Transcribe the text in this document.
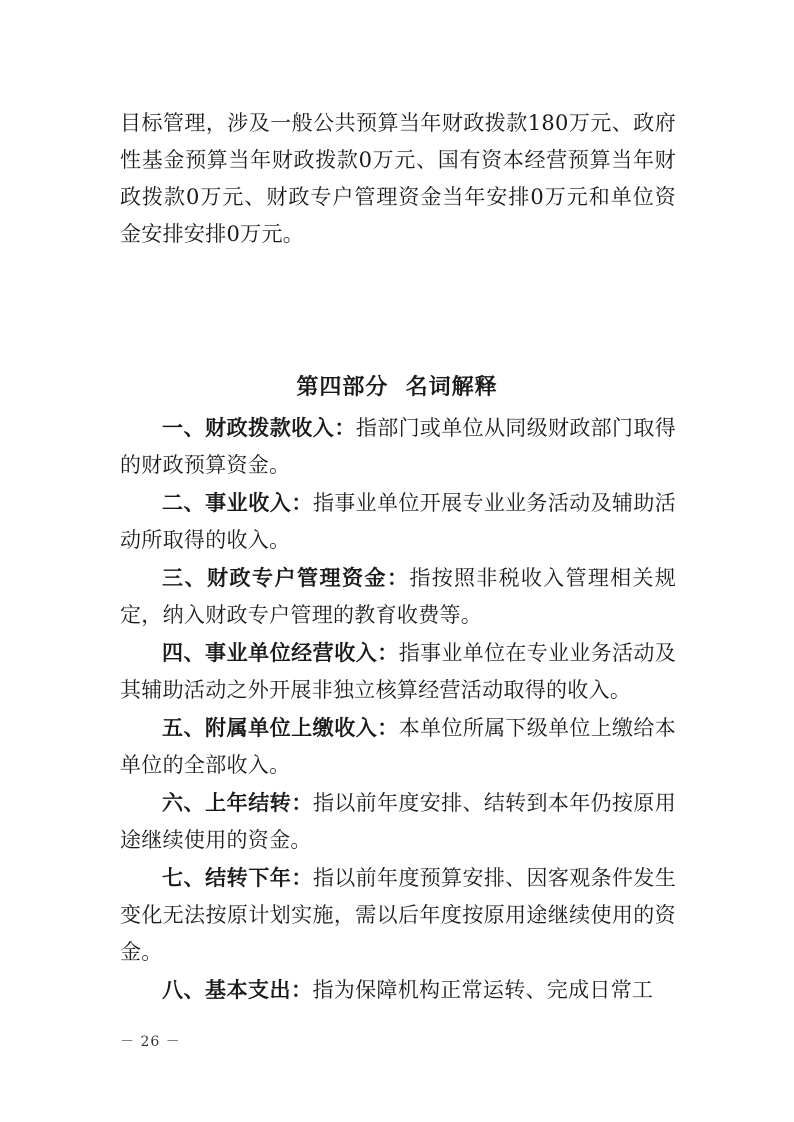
目标管理，涉及一般公共预算当年财政拨款180万元、政府性基金预算当年财政拨款0万元、国有资本经营预算当年财政拨款0万元、财政专户管理资金当年安排0万元和单位资金安排安排0万元。

第四部分  名词解释

一、财政拨款收入：指部门或单位从同级财政部门取得的财政预算资金。

二、事业收入：指事业单位开展专业业务活动及辅助活动所取得的收入。

三、财政专户管理资金：指按照非税收入管理相关规定，纳入财政专户管理的教育收费等。

四、事业单位经营收入：指事业单位在专业业务活动及其辅助活动之外开展非独立核算经营活动取得的收入。

五、附属单位上缴收入：本单位所属下级单位上缴给本单位的全部收入。

六、上年结转：指以前年度安排、结转到本年仍按原用途继续使用的资金。

七、结转下年：指以前年度预算安排、因客观条件发生变化无法按原计划实施，需以后年度按原用途继续使用的资金。

八、基本支出：指为保障机构正常运转、完成日常工

－ 26 －
